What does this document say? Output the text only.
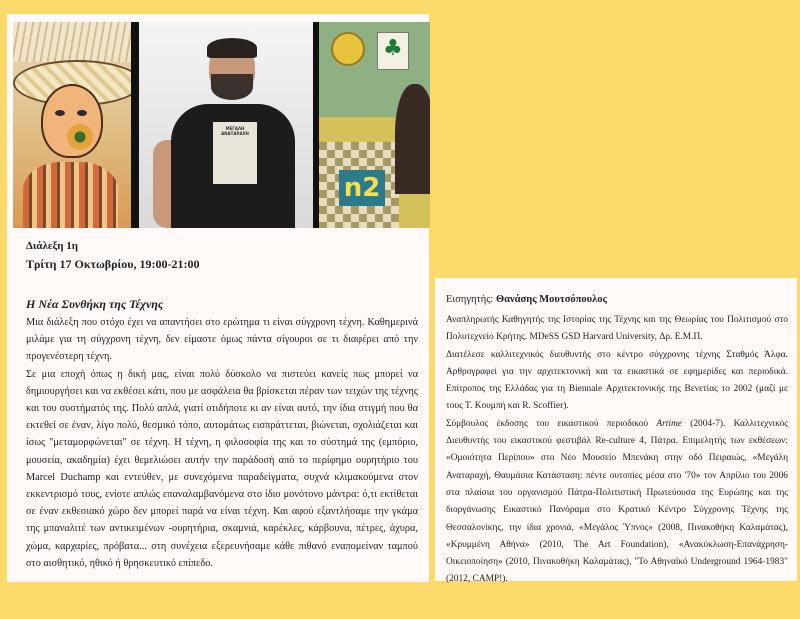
MEΓΑΛΗ ΑΝΑΤΑΡΑΧΗ
♣
n2
Διάλεξη 1η
Τρίτη 17 Οκτωβρίου, 19:00-21:00
Η Νέα Συνθήκη της Τέχνης

Μια διάλεξη που στόχο έχει να απαντήσει στο ερώτημα τι είναι σύγχρονη τέχνη. Καθημερινά μιλάμε για τη σύγχρονη τέχνη, δεν είμαστε όμως πάντα σίγουροι σε τι διαφέρει από την προγενέστερη τέχνη.

Σε μια εποχή όπως η δική μας, είναι πολύ δύσκολο να πιστεύει κανείς πως μπορεί να δημιουργήσει και να εκθέσει κάτι, που με ασφάλεια θα βρίσκεται πέραν των τειχών της τέχνης και του συστήματός της. Πολύ απλά, γιατί οτιδήποτε κι αν είναι αυτό, την ίδια στιγμή που θα εκτεθεί σε έναν, λίγο πολύ, θεσμικό τόπο, αυτομάτως εισπράττεται, βιώνεται, σχολιάζεται και ίσως "μεταμορφώνεται" σε τέχνη. Η τέχνη, η φιλοσοφία της και το σύστημά της (εμπόριο, μουσεία, ακαδημία) έχει θεμελιώσει αυτήν την παράδοσή από το περίφημο ουρητήριο του Marcel Duchamp και εντεύθεν, με συνεχόμενα παραδείγματα, συχνά κλιμακούμενα στον εκκεντρισμό τους, ενίοτε απλώς επαναλαμβανόμενα στο ίδιο μονότονο μάντρα: ό,τι εκτίθεται σε έναν εκθεσιακό χώρο δεν μπορεί παρά να είναι τέχνη. Και αφού εξαντλήσαμε την γκάμα της μπαναλιτέ των αντικειμένων -ουρητήρια, σκαμνιά, καρέκλες, κάρβουνα, πέτρες, άχυρα, χώμα, καρχαρίες, πρόβατα... στη συνέχεια εξερευνήσαμε κάθε πιθανό εναπομείναν ταμπού στο αισθητικό, ηθικό ή θρησκευτικό επίπεδο.

Εισηγητής: Θανάσης Μουτσόπουλος

Αναπληρωτής Καθηγητής της Ιστορίας της Τέχνης και της Θεωρίας του Πολιτισμού στο Πολυτεχνείο Κρήτης. MDeSS GSD Harvard University, Δρ. Ε.Μ.Π.

Διατέλεσε καλλιτεχνικός διευθυντής στο κέντρο σύγχρονης τέχνης Σταθμός Άλφα. Αρθρογραφεί για την αρχιτεκτονική και τα εικαστικά σε εφημερίδες και περιοδικά. Επίτροπος της Ελλάδας για τη Biennale Αρχιτεκτονικής της Βενετίας το 2002 (μαζί με τους Τ. Κουμπή και R. Scoffier).

Σύμβουλος έκδοσης του εικαστικού περιοδικού Artime (2004-7). Καλλιτεχνικός Διευθυντής του εικαστικού φεστιβάλ Re-culture 4, Πάτρα. Επιμελητής των εκθέσεων: «Ομοιότητα Περίπου» στο Νέο Μουσείο Μπενάκη στην οδό Πειραιώς, «Μεγάλη Αναταραχή, Θαυμάσια Κατάσταση: πέντε ουτοπίες μέσα στο '70» τον Απρίλιο του 2006 στα πλαίσια του οργανισμού Πάτρα-Πολιτιστική Πρωτεύουσα της Ευρώπης και της διοργάνωσης Εικαστικό Πανόραμα στο Κρατικό Κέντρο Σύγχρονης Τέχνης της Θεσσαλονίκης, την ίδια χρονιά, «Μεγάλος Ύπνος» (2008, Πινακοθήκη Καλαμάτας), «Κρυμμένη Αθήνα» (2010, The Art Foundation), «Ανακύκλωση-Επανάχρηση-Οικειοποίηση» (2010, Πινακοθήκη Καλαμάτας), "Το Αθηναϊκό Underground 1964-1983" (2012, CAMP!).
